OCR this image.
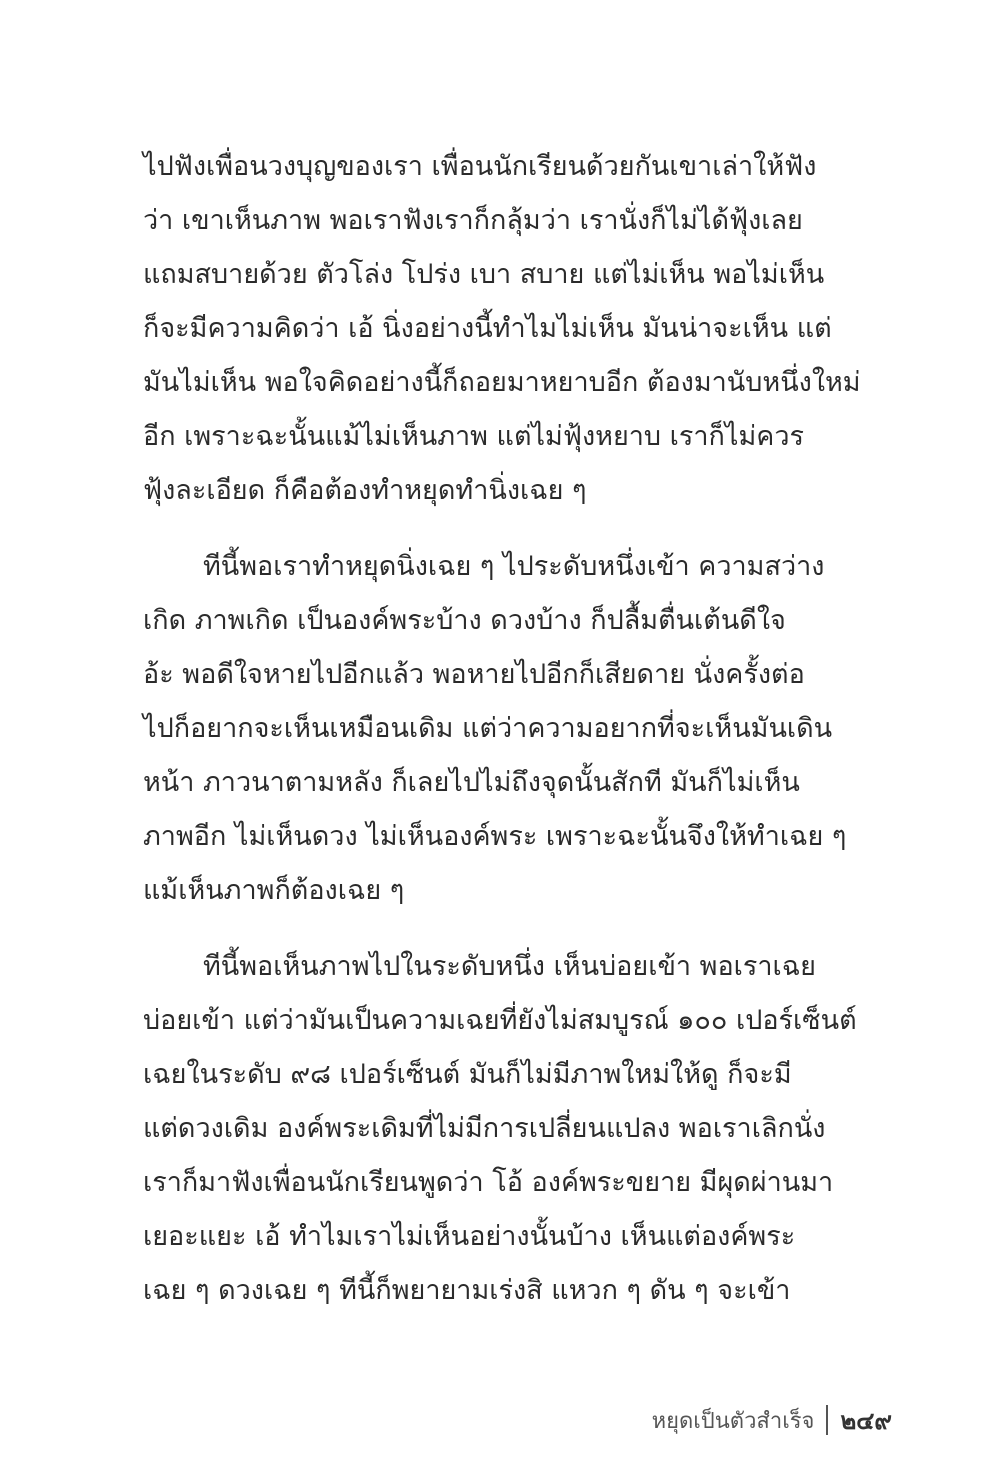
ไปฟังเพื่อนวงบุญของเรา เพื่อนนักเรียนด้วยกันเขาเล่าให้ฟัง
ว่า เขาเห็นภาพ พอเราฟังเราก็กลุ้มว่า เรานั่งก็ไม่ได้ฟุ้งเลย
แถมสบายด้วย ตัวโล่ง โปร่ง เบา สบาย แต่ไม่เห็น พอไม่เห็น
ก็จะมีความคิดว่า เอ้ นิ่งอย่างนี้ทำไมไม่เห็น มันน่าจะเห็น แต่
มันไม่เห็น พอใจคิดอย่างนี้ก็ถอยมาหยาบอีก ต้องมานับหนึ่งใหม่
อีก เพราะฉะนั้นแม้ไม่เห็นภาพ แต่ไม่ฟุ้งหยาบ เราก็ไม่ควร
ฟุ้งละเอียด ก็คือต้องทำหยุดทำนิ่งเฉย ๆ
ทีนี้พอเราทำหยุดนิ่งเฉย ๆ ไประดับหนึ่งเข้า ความสว่าง
เกิด ภาพเกิด เป็นองค์พระบ้าง ดวงบ้าง ก็ปลื้มตื่นเต้นดีใจ
อ้ะ พอดีใจหายไปอีกแล้ว พอหายไปอีกก็เสียดาย นั่งครั้งต่อ
ไปก็อยากจะเห็นเหมือนเดิม แต่ว่าความอยากที่จะเห็นมันเดิน
หน้า ภาวนาตามหลัง ก็เลยไปไม่ถึงจุดนั้นสักที มันก็ไม่เห็น
ภาพอีก ไม่เห็นดวง ไม่เห็นองค์พระ เพราะฉะนั้นจึงให้ทำเฉย ๆ
แม้เห็นภาพก็ต้องเฉย ๆ
ทีนี้พอเห็นภาพไปในระดับหนึ่ง เห็นบ่อยเข้า พอเราเฉย
บ่อยเข้า แต่ว่ามันเป็นความเฉยที่ยังไม่สมบูรณ์ ๑๐๐ เปอร์เซ็นต์
เฉยในระดับ ๙๘ เปอร์เซ็นต์ มันก็ไม่มีภาพใหม่ให้ดู ก็จะมี
แต่ดวงเดิม องค์พระเดิมที่ไม่มีการเปลี่ยนแปลง พอเราเลิกนั่ง
เราก็มาฟังเพื่อนนักเรียนพูดว่า โอ้ องค์พระขยาย มีผุดผ่านมา
เยอะแยะ เอ้ ทำไมเราไม่เห็นอย่างนั้นบ้าง เห็นแต่องค์พระ
เฉย ๆ ดวงเฉย ๆ ทีนี้ก็พยายามเร่งสิ แหวก ๆ ดัน ๆ จะเข้า
หยุดเป็นตัวสำเร็จ	๒๔๙
